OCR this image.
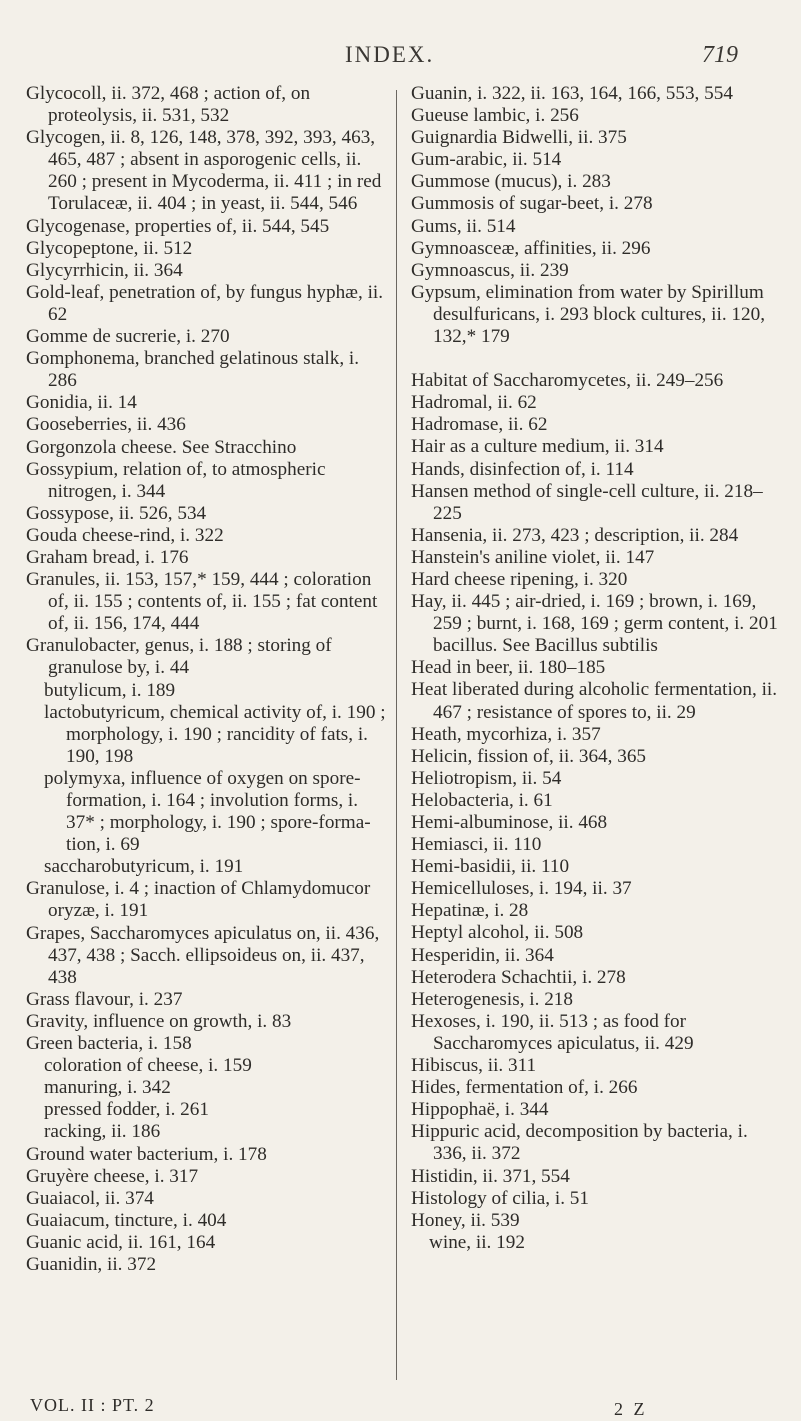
INDEX.	719

Glycocoll, ii. 372, 468 ; action of, on proteolysis, ii. 531, 532

Glycogen, ii. 8, 126, 148, 378, 392, 393, 463, 465, 487 ; absent in asporogenic cells, ii. 260 ; present in Mycoderma, ii. 411 ; in red Torulaceæ, ii. 404 ; in yeast, ii. 544, 546

Glycogenase, properties of, ii. 544, 545

Glycopeptone, ii. 512

Glycyrrhicin, ii. 364

Gold-leaf, penetration of, by fungus hyphæ, ii. 62

Gomme de sucrerie, i. 270

Gomphonema, branched gelatinous stalk, i. 286

Gonidia, ii. 14

Gooseberries, ii. 436

Gorgonzola cheese. See Stracchino

Gossypium, relation of, to atmospheric nitrogen, i. 344

Gossypose, ii. 526, 534

Gouda cheese-rind, i. 322

Graham bread, i. 176

Granules, ii. 153, 157,* 159, 444 ; coloration of, ii. 155 ; contents of, ii. 155 ; fat content of, ii. 156, 174, 444

Granulobacter, genus, i. 188 ; storing of granulose by, i. 44

butylicum, i. 189

lactobutyricum, chemical activity of, i. 190 ; morphology, i. 190 ; rancidity of fats, i. 190, 198

polymyxa, influence of oxygen on spore-formation, i. 164 ; involution forms, i. 37* ; morphology, i. 190 ; spore-formation, i. 69

saccharobutyricum, i. 191

Granulose, i. 4 ; inaction of Chlamydomucor oryzæ, i. 191

Grapes, Saccharomyces apiculatus on, ii. 436, 437, 438 ; Sacch. ellipsoideus on, ii. 437, 438

Grass flavour, i. 237

Gravity, influence on growth, i. 83

Green bacteria, i. 158

coloration of cheese, i. 159

manuring, i. 342

pressed fodder, i. 261

racking, ii. 186

Ground water bacterium, i. 178

Gruyère cheese, i. 317

Guaiacol, ii. 374

Guaiacum, tincture, i. 404

Guanic acid, ii. 161, 164

Guanidin, ii. 372

Guanin, i. 322, ii. 163, 164, 166, 553, 554

Gueuse lambic, i. 256

Guignardia Bidwelli, ii. 375

Gum-arabic, ii. 514

Gummose (mucus), i. 283

Gummosis of sugar-beet, i. 278

Gums, ii. 514

Gymnoasceæ, affinities, ii. 296

Gymnoascus, ii. 239

Gypsum, elimination from water by Spirillum desulfuricans, i. 293 block cultures, ii. 120, 132,* 179

Habitat of Saccharomycetes, ii. 249–256

Hadromal, ii. 62

Hadromase, ii. 62

Hair as a culture medium, ii. 314

Hands, disinfection of, i. 114

Hansen method of single-cell culture, ii. 218–225

Hansenia, ii. 273, 423 ; description, ii. 284

Hanstein's aniline violet, ii. 147

Hard cheese ripening, i. 320

Hay, ii. 445 ; air-dried, i. 169 ; brown, i. 169, 259 ; burnt, i. 168, 169 ; germ content, i. 201 bacillus. See Bacillus subtilis

Head in beer, ii. 180–185

Heat liberated during alcoholic fermentation, ii. 467 ; resistance of spores to, ii. 29

Heath, mycorhiza, i. 357

Helicin, fission of, ii. 364, 365

Heliotropism, ii. 54

Helobacteria, i. 61

Hemi-albuminose, ii. 468

Hemiasci, ii. 110

Hemi-basidii, ii. 110

Hemicelluloses, i. 194, ii. 37

Hepatinæ, i. 28

Heptyl alcohol, ii. 508

Hesperidin, ii. 364

Heterodera Schachtii, i. 278

Heterogenesis, i. 218

Hexoses, i. 190, ii. 513 ; as food for Saccharomyces apiculatus, ii. 429

Hibiscus, ii. 311

Hides, fermentation of, i. 266

Hippophaë, i. 344

Hippuric acid, decomposition by bacteria, i. 336, ii. 372

Histidin, ii. 371, 554

Histology of cilia, i. 51

Honey, ii. 539

wine, ii. 192

VOL. II : PT. 2	2 Z
